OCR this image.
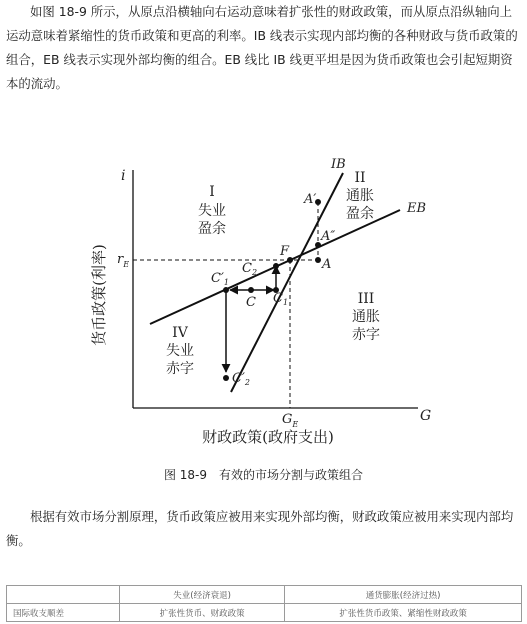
如图 18-9 所示，从原点沿横轴向右运动意味着扩张性的财政政策，而从原点沿纵轴向上运动意味着紧缩性的货币政策和更高的利率。IB 线表示实现内部均衡的各种财政与货币政策的组合，EB 线表示实现外部均衡的组合。EB 线比 IB 线更平坦是因为货币政策也会引起短期资本的流动。

i
G
货币政策(利率)
财政政策(政府支出)
$r_E$
$G_E$
IB
EB
I
失业
盈余
II
通胀
盈余
III
通胀
赤字
IV
失业
赤字
F
A
A′
A″
C $C_1$
$C'_1$
$C_2$
$C'_2$
图 18-9　有效的市场分割与政策组合

根据有效市场分割原理，货币政策应被用来实现外部均衡，财政政策应被用来实现内部均衡。

	失业(经济衰退)	通货膨胀(经济过热)
国际收支顺差	扩张性货币、财政政策	扩张性货币政策、紧缩性财政政策
